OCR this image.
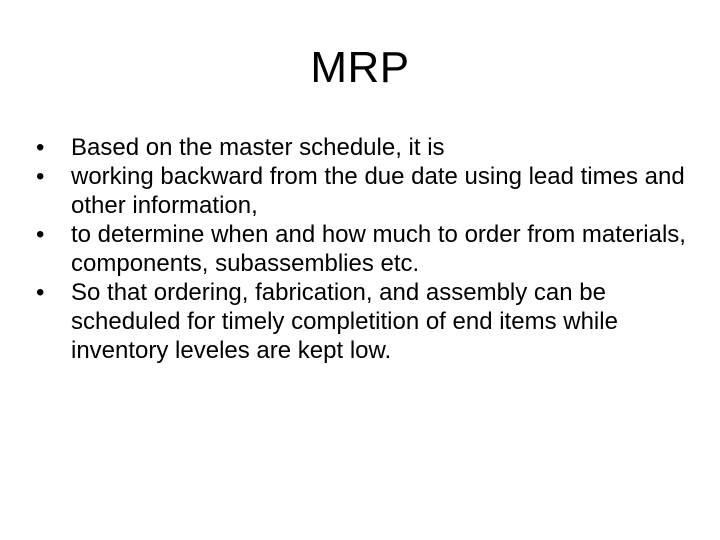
MRP
•	Based on the master schedule, it is
•	working backward from the due date using lead times and other information,
•	to determine when and how much to order from materials, components, subassemblies etc.
•	So that ordering, fabrication, and assembly can be scheduled for timely completition of end items while inventory leveles are kept low.
